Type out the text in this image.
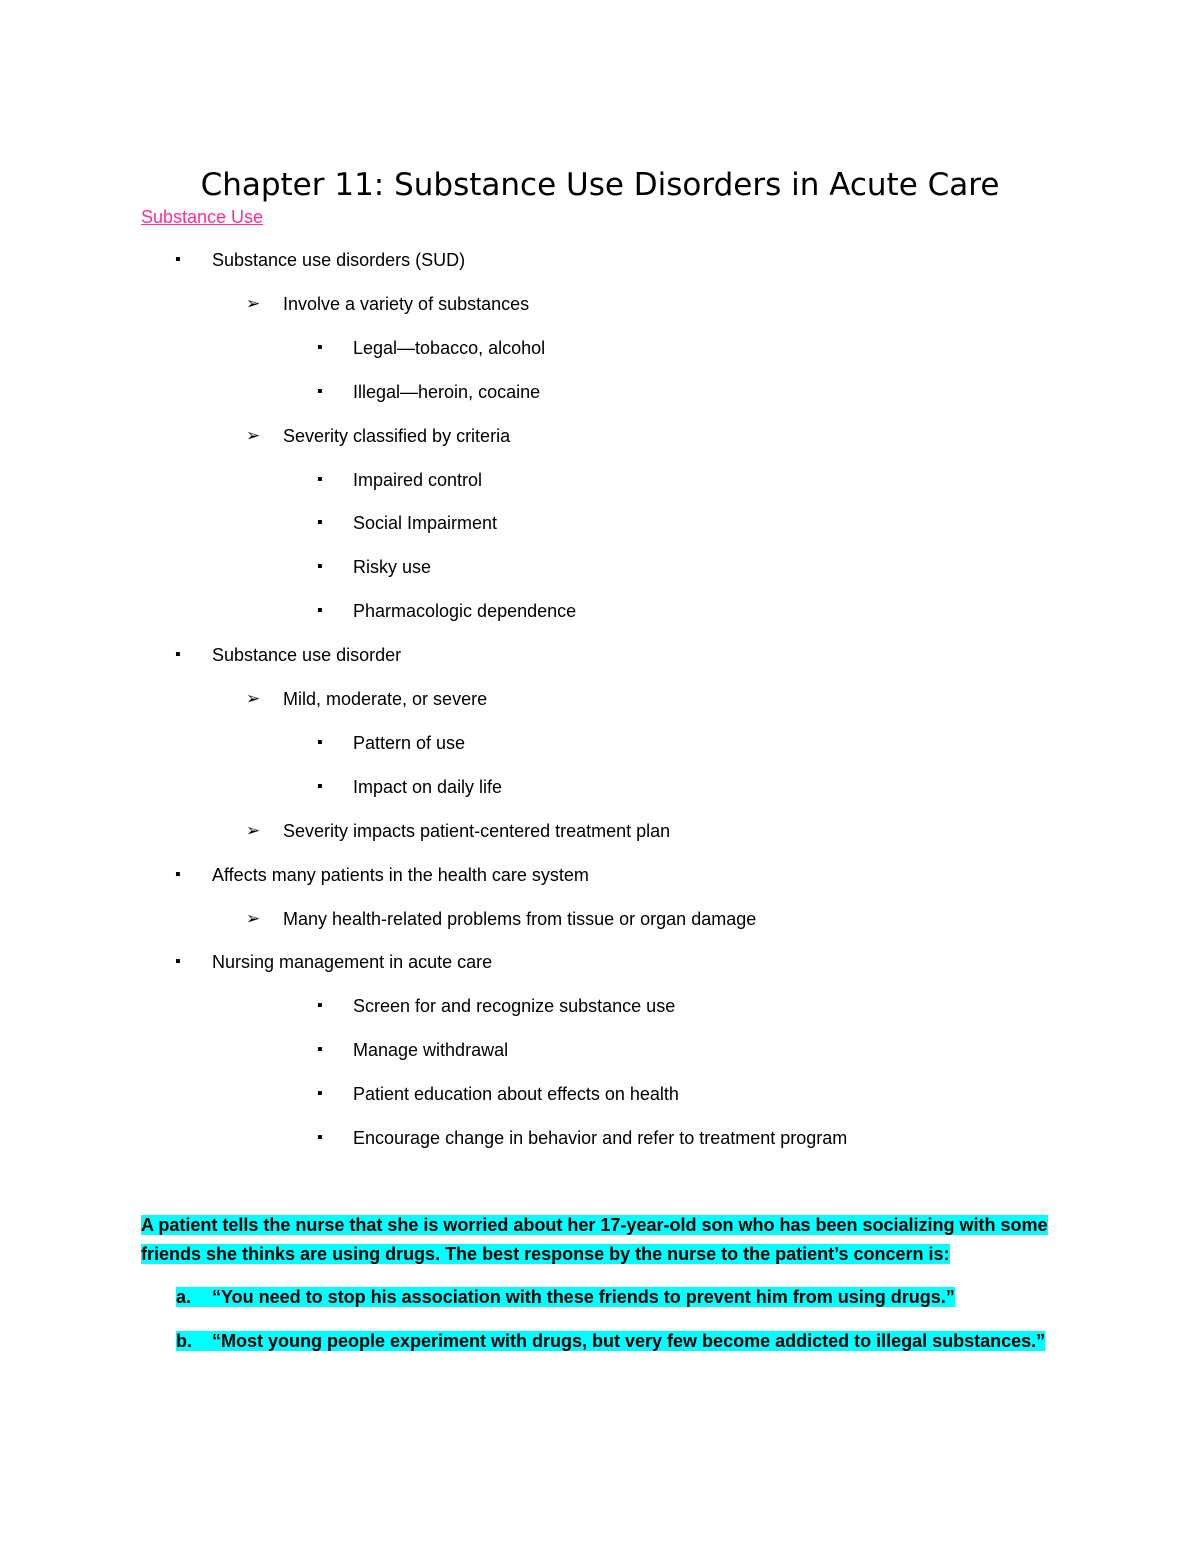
Chapter 11: Substance Use Disorders in Acute Care
Substance Use
▪ Substance use disorders (SUD)
➢ Involve a variety of substances
▪ Legal—tobacco, alcohol
▪ Illegal—heroin, cocaine
➢ Severity classified by criteria
▪ Impaired control
▪ Social Impairment
▪ Risky use
▪ Pharmacologic dependence
▪ Substance use disorder
➢ Mild, moderate, or severe
▪ Pattern of use
▪ Impact on daily life
➢ Severity impacts patient-centered treatment plan
▪ Affects many patients in the health care system
➢ Many health-related problems from tissue or organ damage
▪ Nursing management in acute care
▪ Screen for and recognize substance use
▪ Manage withdrawal
▪ Patient education about effects on health
▪ Encourage change in behavior and refer to treatment program
A patient tells the nurse that she is worried about her 17-year-old son who has been socializing with some friends she thinks are using drugs. The best response by the nurse to the patient’s concern is:
a. “You need to stop his association with these friends to prevent him from using drugs.”
b. “Most young people experiment with drugs, but very few become addicted to illegal substances.”
